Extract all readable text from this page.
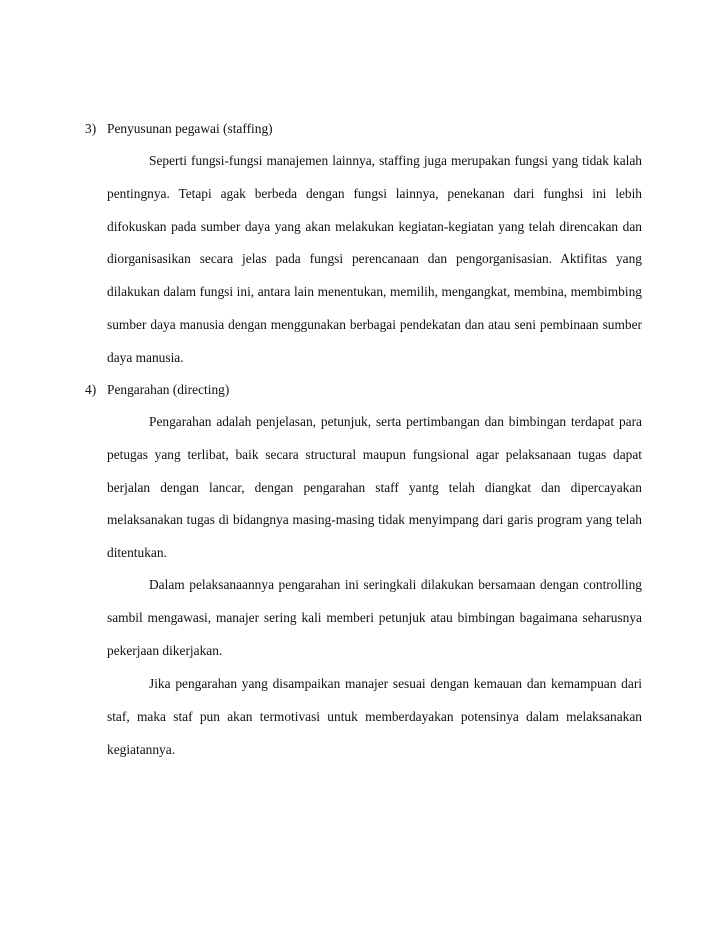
3) Penyusunan pegawai (staffing)

Seperti fungsi-fungsi manajemen lainnya, staffing juga merupakan fungsi yang tidak kalah pentingnya. Tetapi agak berbeda dengan fungsi lainnya, penekanan dari funghsi ini lebih difokuskan pada sumber daya yang akan melakukan kegiatan-kegiatan yang telah direncakan dan diorganisasikan secara jelas pada fungsi perencanaan dan pengorganisasian. Aktifitas yang dilakukan dalam fungsi ini, antara lain menentukan, memilih, mengangkat, membina, membimbing sumber daya manusia dengan menggunakan berbagai pendekatan dan atau seni pembinaan sumber daya manusia.

4) Pengarahan (directing)

Pengarahan adalah penjelasan, petunjuk, serta pertimbangan dan bimbingan terdapat para petugas yang terlibat, baik secara structural maupun fungsional agar pelaksanaan tugas dapat berjalan dengan lancar, dengan pengarahan staff yantg telah diangkat dan dipercayakan melaksanakan tugas di bidangnya masing-masing tidak menyimpang dari garis program yang telah ditentukan.

Dalam pelaksanaannya pengarahan ini seringkali dilakukan bersamaan dengan controlling sambil mengawasi, manajer sering kali memberi petunjuk atau bimbingan bagaimana seharusnya pekerjaan dikerjakan.

Jika pengarahan yang disampaikan manajer sesuai dengan kemauan dan kemampuan dari staf, maka staf pun akan termotivasi untuk memberdayakan potensinya dalam melaksanakan kegiatannya.
